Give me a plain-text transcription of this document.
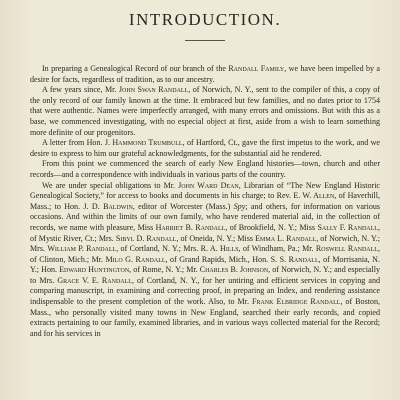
INTRODUCTION.

In preparing a Genealogical Record of our branch of the Randall Family, we have been impelled by a desire for facts, regardless of tradition, as to our ancestry.

A few years since, Mr. John Swan Randall, of Norwich, N. Y., sent to the compiler of this, a copy of the only record of our family known at the time. It embraced but few families, and no dates prior to 1754 that were authentic. Names were imperfectly arranged, with many errors and omissions. But with this as a base, we commenced investigating, with no especial object at first, aside from a wish to learn something more definite of our progenitors.

A letter from Hon. J. Hammond Trumbull, of Hartford, Ct., gave the first impetus to the work, and we desire to express to him our grateful acknowledgments, for the substantial aid he rendered.

From this point we commenced the search of early New England histories—town, church and other records—and a correspondence with individuals in various parts of the country.

We are under special obligations to Mr. John Ward Dean, Librarian of “The New England Historic Genealogical Society,” for access to books and documents in his charge; to Rev. E. W. Allen, of Haverhill, Mass.; to Hon. J. D. Baldwin, editor of Worcester (Mass.) Spy; and others, for information on various occasions. And within the limits of our own family, who have rendered material aid, in the collection of records, we name with pleasure, Miss Harriet B. Randall, of Brookfield, N. Y.; Miss Sally F. Randall, of Mystic River, Ct.; Mrs. Sibyl D. Randall, of Oneida, N. Y.; Miss Emma L. Randall, of Norwich, N. Y.; Mrs. William P. Randall, of Cortland, N. Y.; Mrs. R. A. Hills, of Windham, Pa.; Mr. Roswell Randall, of Clinton, Mich.; Mr. Milo G. Randall, of Grand Rapids, Mich., Hon. S. S. Randall, of Morrisania, N. Y.; Hon. Edward Huntington, of Rome, N. Y.; Mr. Charles B. Johnson, of Norwich, N. Y.; and especially to Mrs. Grace V. E. Randall, of Cortland, N. Y., for her untiring and efficient services in copying and comparing manuscript, in examining and correcting proof, in preparing an Index, and rendering assistance indispensable to the present completion of the work. Also, to Mr. Frank Elbridge Randall, of Boston, Mass., who personally visited many towns in New England, searched their early records, and copied extracts pertaining to our family, examined libraries, and in various ways collected material for the Record; and for his services in
